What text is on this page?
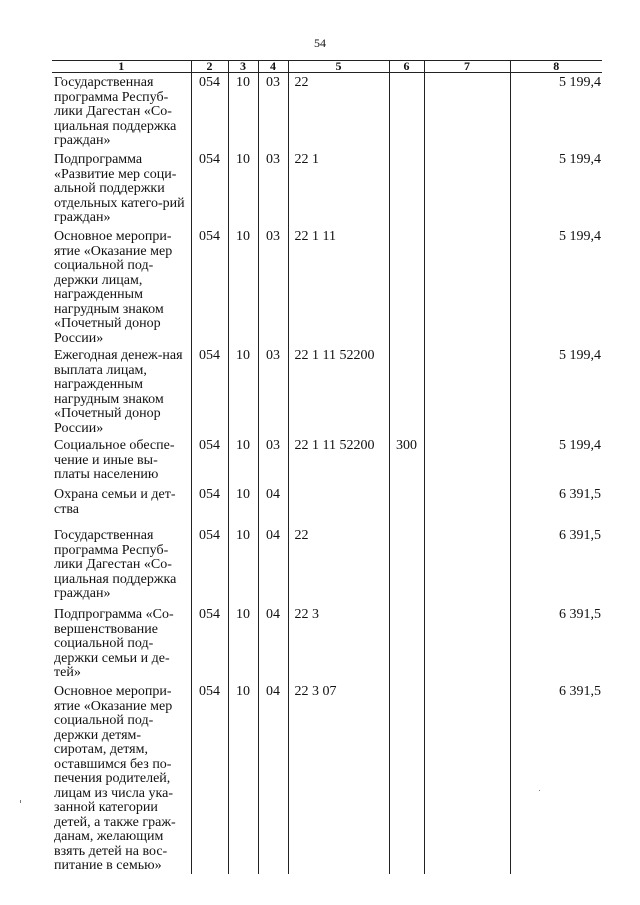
54
1	2	3	4	5	6	7	8
Государственная программа Респуб-лики Дагестан «Со-циальная поддержка граждан»	054	10	03	22			5 199,4
Подпрограмма «Развитие мер соци-альной поддержки отдельных катего-рий граждан»	054	10	03	22 1			5 199,4
Основное меропри-ятие «Оказание мер социальной под-держки лицам, награжденным нагрудным знаком «Почетный донор России»	054	10	03	22 1 11			5 199,4
Ежегодная денеж-ная выплата лицам, награжденным нагрудным знаком «Почетный донор России»	054	10	03	22 1 11 52200			5 199,4
Социальное обеспе-чение и иные вы-платы населению	054	10	03	22 1 11 52200	300		5 199,4
Охрана семьи и дет-ства	054	10	04				6 391,5
Государственная программа Респуб-лики Дагестан «Со-циальная поддержка граждан»	054	10	04	22			6 391,5
Подпрограмма «Со-вершенствование социальной под-держки семьи и де-тей»	054	10	04	22 3			6 391,5
Основное меропри-ятие «Оказание мер социальной под-держки детям-сиротам, детям, оставшимся без по-печения родителей, лицам из числа ука-занной категории детей, а также граж-данам, желающим взять детей на вос-питание в семью»	054	10	04	22 3 07			6 391,5
